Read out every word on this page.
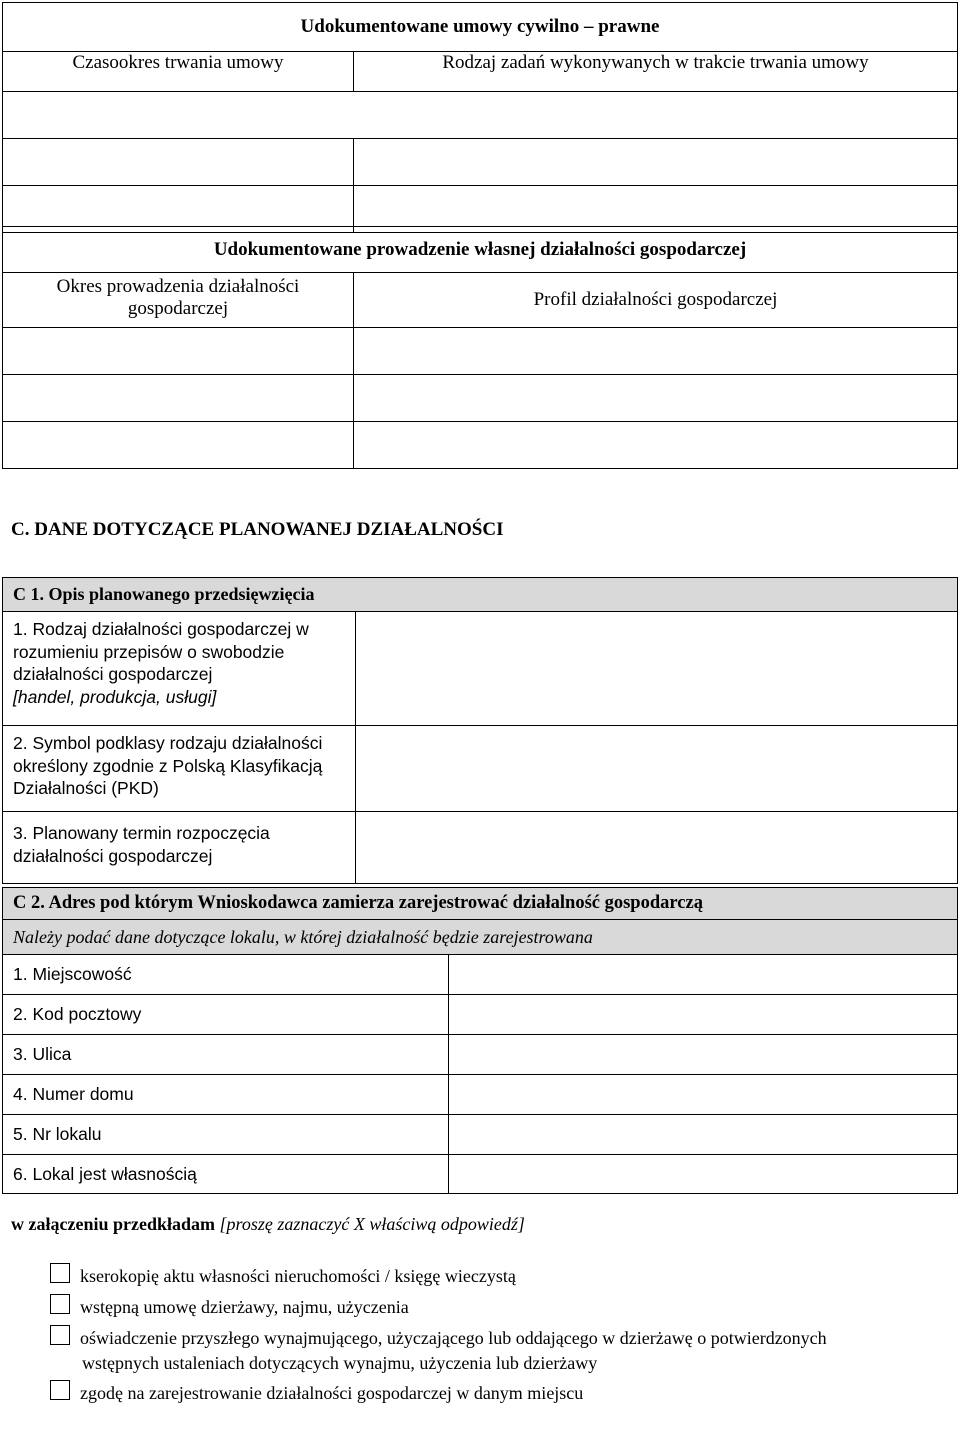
Udokumentowane umowy cywilno – prawne	
Czasookres trwania umowy	Rodzaj zadań wykonywanych w trakcie trwania umowy

Udokumentowane prowadzenie własnej działalności gospodarczej	
Okres prowadzenia działalności
gospodarczej	Profil działalności gospodarczej

C. DANE DOTYCZĄCE PLANOWANEJ DZIAŁALNOŚCI
C 1. Opis planowanego przedsięwzięcia	
1. Rodzaj działalności gospodarczej w
rozumieniu przepisów o swobodzie
działalności gospodarczej
[handel, produkcja, usługi]	
2. Symbol podklasy rodzaju działalności
określony zgodnie z Polską Klasyfikacją
Działalności (PKD)	
3. Planowany termin rozpoczęcia
działalności gospodarczej	
C 2. Adres pod którym Wnioskodawca zamierza zarejestrować działalność gospodarczą	
Należy podać dane dotyczące lokalu, w której działalność będzie zarejestrowana	
1. Miejscowość	
2. Kod pocztowy	
3. Ulica	
4. Numer domu	
5. Nr lokalu	
6. Lokal jest własnością	
w załączeniu przedkładam [proszę zaznaczyć X właściwą odpowiedź]
kserokopię aktu własności nieruchomości / księgę wieczystą
wstępną umowę dzierżawy, najmu, użyczenia
oświadczenie przyszłego wynajmującego, użyczającego lub oddającego w dzierżawę o potwierdzonych
wstępnych ustaleniach dotyczących wynajmu, użyczenia lub dzierżawy
zgodę na zarejestrowanie działalności gospodarczej w danym miejscu
